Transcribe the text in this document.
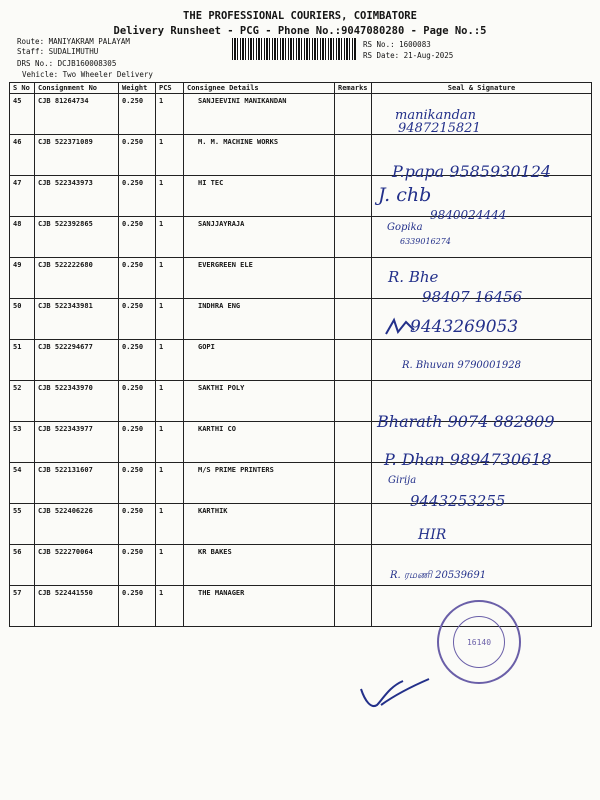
THE PROFESSIONAL COURIERS, COIMBATORE
Delivery Runsheet - PCG - Phone No.:9047080280 - Page No.:5
Route: MANIYAKRAM PALAYAM
Staff: SUDALIMUTHU
DRS No.: DCJB160008305
Vehicle: Two Wheeler Delivery
RS No.: 1600083
RS Date: 21-Aug-2025
S No	Consignment No	Weight	PCS	Consignee Details	Remarks	Seal & Signature
45	CJB 81264734	0.250	1	SANJEEVINI MANIKANDAN		
46	CJB 522371089	0.250	1	M. M. MACHINE WORKS		
47	CJB 522343973	0.250	1	HI TEC		
48	CJB 522392865	0.250	1	SANJJAYRAJA		
49	CJB 522222680	0.250	1	EVERGREEN ELE		
50	CJB 522343981	0.250	1	INDHRA ENG		
51	CJB 522294677	0.250	1	GOPI		
52	CJB 522343970	0.250	1	SAKTHI POLY		
53	CJB 522343977	0.250	1	KARTHI CO		
54	CJB 522131607	0.250	1	M/S PRIME PRINTERS		
55	CJB 522406226	0.250	1	KARTHIK		
56	CJB 522270064	0.250	1	KR BAKES		
57	CJB 522441550	0.250	1	THE MANAGER		
manikandan
9487215821
P.papa 9585930124
J. chb
Gopika
9840024444
6339016274
R. Bhe
98407 16456
9443269053
R. Bhuvan 9790001928
Bharath 9074 882809
P. Dhan 9894730618
Girija
9443253255
HIR
R. ரமணி 20539691
16140
